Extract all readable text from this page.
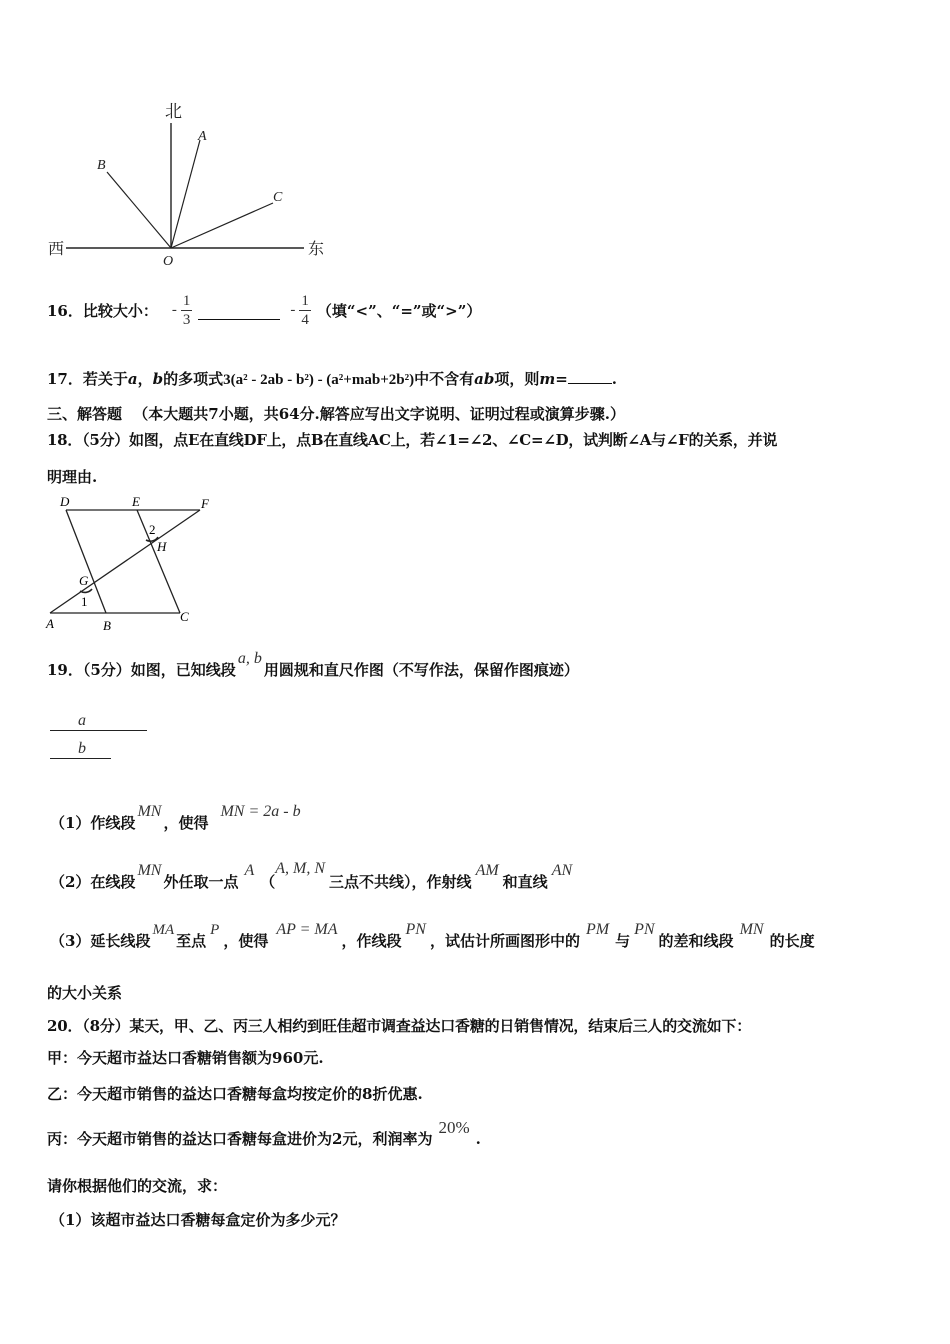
北
西	东
A
B
C
O
16． 比较大小： - $\frac{1}{3}$	- $\frac{1}{4}$ （填“<”、“=”或“>”）
17．若关于a，b的多项式3(a² - 2ab - b²) - (a²+mab+2b²)中不含有ab项，则m=	.
三、解答题 （本大题共7小题，共64分.解答应写出文字说明、证明过程或演算步骤.）
18．（5分）如图，点E在直线DF上，点B在直线AC上，若∠1=∠2、∠C=∠D，试判断∠A与∠F的关系，并说
明理由.
D	E	F
H
G
A	B
C
1
2
19．（5分）如图，已知线段a, b用圆规和直尺作图（不写作法，保留作图痕迹）
a
b
（1）作线段MN，使得MN = 2a - b
（2）在线段MN外任取一点A（A, M, N三点不共线），作射线AM和直线AN
（3）延长线段MA至点P，使得AP = MA，作线段PN，试估计所画图形中的PM与PN的差和线段MN的长度
的大小关系
20．（8分）某天，甲、乙、丙三人相约到旺佳超市调查益达口香糖的日销售情况，结束后三人的交流如下：
甲：今天超市益达口香糖销售额为960元.
乙：今天超市销售的益达口香糖每盒均按定价的8折优惠.
丙：今天超市销售的益达口香糖每盒进价为2元，利润率为20%.
请你根据他们的交流，求：
（1）该超市益达口香糖每盒定价为多少元？
